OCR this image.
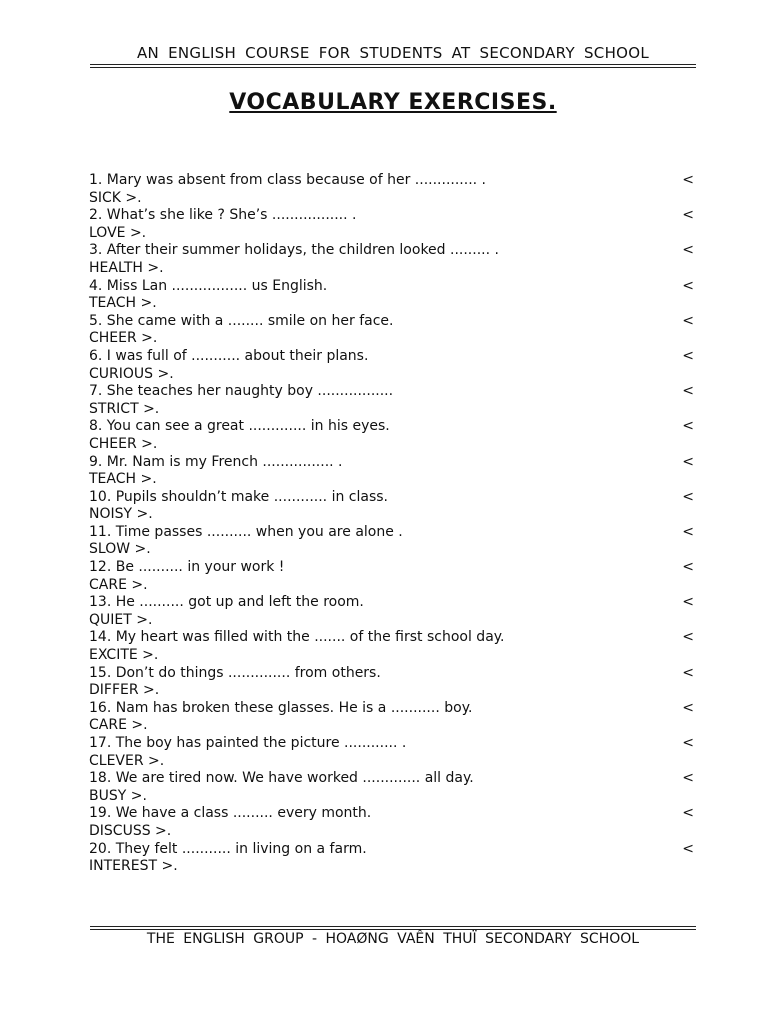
AN ENGLISH COURSE FOR STUDENTS AT SECONDARY SCHOOL
VOCABULARY EXERCISES.
1. Mary was absent from class because of her .............. .	<
SICK >.
2. What’s she like ? She’s ................. .	<
LOVE >.
3. After their summer holidays, the children looked ......... .	<
HEALTH >.
4. Miss Lan ................. us English.	<
TEACH >.
5. She came with a ........ smile on her face.	<
CHEER >.
6. I was full of ........... about their plans.	<
CURIOUS >.
7. She teaches her naughty boy .................	<
STRICT >.
8. You can see a great ............. in his eyes.	<
CHEER >.
9. Mr. Nam is my French ................ .	<
TEACH >.
10. Pupils shouldn’t make ............ in class.	<
NOISY >.
11. Time passes .......... when you are alone .	<
SLOW >.
12. Be .......... in your work !	<
CARE >.
13. He .......... got up and left the room.	<
QUIET >.
14. My heart was filled with the ....... of the first school day.	<
EXCITE >.
15. Don’t do things .............. from others.	<
DIFFER >.
16. Nam has broken these glasses. He is a ........... boy.	<
CARE >.
17. The boy has painted the picture ............ .	<
CLEVER >.
18. We are tired now. We have worked ............. all day.	<
BUSY >.
19. We have a class ......... every month.	<
DISCUSS >.
20. They felt ........... in living on a farm.	<
INTEREST >.
THE ENGLISH GROUP - HOAØNG VAÊN THUÏ SECONDARY SCHOOL
